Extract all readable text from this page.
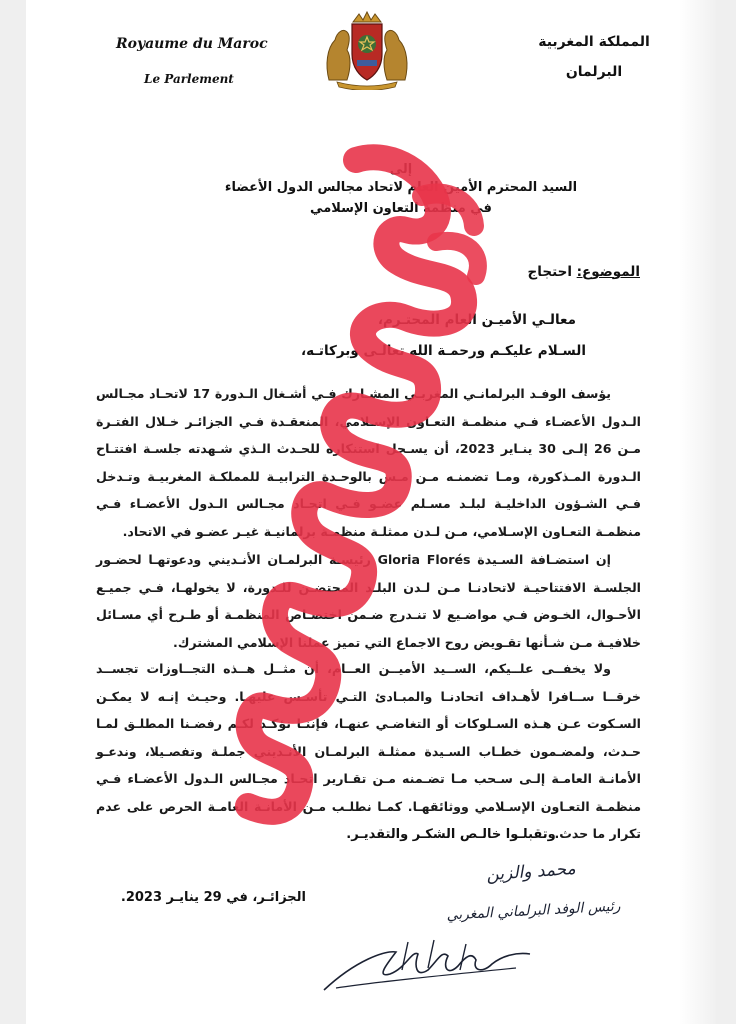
Royaume du Maroc
Le Parlement
المملكة المغربية
البرلمان
إلى
السيد المحترم الأمين العام لاتحاد مجالس الدول الأعضاء
في منظمة التعاون الإسلامي
الموضوع: احتجاج
معالـي الأميـن العام المحتـرم،
السـلام عليكـم ورحمـة الله تعالـى وبركاتـه،
يؤسف الوفـد البرلمانـي المغربـي المشـارك فـي أشـغال الـدورة 17 لاتحـاد مجـالس الـدول الأعضـاء فـي منظمـة التعـاون الإسـلامي، المنعقـدة فـي الجزائـر خـلال الفتـرة مـن 26 إلـى 30 ينـاير 2023، أن يسـجل استنكاره للحـدث الـذي شـهدته جلسـة افتتـاح الـدورة المـذكورة، ومـا تضمنـه مـن مـس بالوحـدة الترابيـة للمملكـة المغربيـة وتـدخل فـي الشـؤون الداخليـة لبلـد مسـلم عضـو فـي اتحـاد مجـالس الـدول الأعضـاء فـي منظمـة التعـاون الإسـلامي، مـن لـدن ممثلـة منظمـة برلمانيـة غيـر عضـو في الاتحاد.
إن استضـافة السـيدة Gloria Florés رئيسـة البرلمـان الأنـديني ودعوتهـا لحضـور الجلسـة الافتتاحيـة لاتحادنـا مـن لـدن البلـد المحتضـن للـدورة، لا يخولهـا، فـي جميـع الأحـوال، الخـوض فـي مواضـيع لا تنـدرج ضـمن اختصـاص المنظمـة أو طـرح أي مسـائل خلافيـة مـن شـأنها تقـويض روح الاجماع التي تميز عملنا الإسلامي المشترك.
ولا يخفــى علــيكم، الســيد الأميــن العــام، أن مثــل هــذه التجــاوزات تجســد خرقــا ســافرا لأهـداف اتحادنـا والمبـادئ التـي تأسـس عليهـا. وحيـث إنـه لا يمكـن السـكوت عـن هـذه السـلوكات أو التغاضـي عنهـا، فإننـا نؤكـد لكـم رفضـنا المطلـق لمـا حـدث، ولمضـمون خطـاب السـيدة ممثلـة البرلمـان الأنـديني جملـة وتفصـيلا، وندعـو الأمانـة العامـة إلـى سـحب مـا تضـمنه مـن تقـارير اتحـاد مجـالس الـدول الأعضـاء فـي منظمـة التعـاون الإسـلامي ووثائقهـا. كمـا نطلـب مـن الأمانـة العامـة الحرص على عدم تكرار ما حدث.
وتقبلـوا خالـص الشكـر والتقديـر.
محمد والزين
رئيس الوفد البرلماني المغربي
الجزائـر، في 29 ينايـر 2023.
